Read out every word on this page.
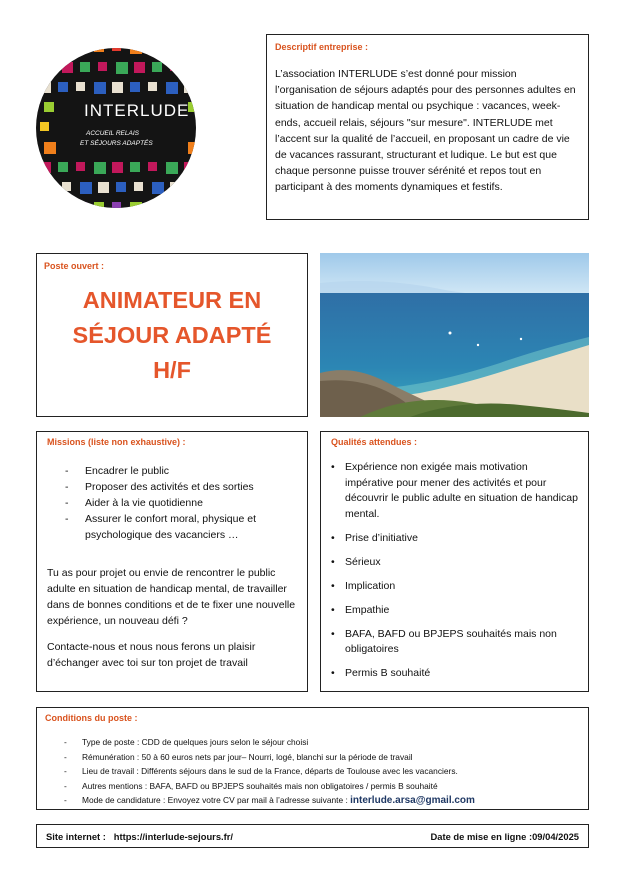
INTERLUDE
ACCUEIL RELAIS
ET SÉJOURS ADAPTÉS
Descriptif entreprise :
L’association INTERLUDE s’est donné pour mission l’organisation de séjours adaptés pour des personnes adultes en situation de handicap mental ou psychique : vacances, week-ends, accueil relais, séjours "sur mesure". INTERLUDE met l’accent sur la qualité de l’accueil, en proposant un cadre de vie de vacances rassurant, structurant et ludique. Le but est que chaque personne puisse trouver sérénité et repos tout en participant à des moments dynamiques et festifs.
Poste ouvert :
ANIMATEUR EN
SÉJOUR ADAPTÉ
H/F
Missions (liste non exhaustive) :
- Encadrer le public
- Proposer des activités et des sorties
- Aider à la vie quotidienne
- Assurer le confort moral, physique et psychologique des vacanciers …

Tu as pour projet ou envie de rencontrer le public adulte en situation de handicap mental, de travailler dans de bonnes conditions et de te fixer une nouvelle expérience, un nouveau défi ?

Contacte-nous et nous nous ferons un plaisir d’échanger avec toi sur ton projet de travail

Qualités attendues :
• Expérience non exigée mais motivation impérative pour mener des activités et pour découvrir le public adulte en situation de handicap mental.
• Prise d’initiative
• Sérieux
• Implication
• Empathie
• BAFA, BAFD ou BPJEPS souhaités mais non obligatoires
• Permis B souhaité
Conditions du poste :
- Type de poste : CDD de quelques jours selon le séjour choisi
- Rémunération : 50 à 60 euros nets par jour– Nourri, logé, blanchi sur la période de travail
- Lieu de travail : Différents séjours dans le sud de la France, départs de Toulouse avec les vacanciers.
- Autres mentions : BAFA, BAFD ou BPJEPS souhaités mais non obligatoires / permis B souhaité
- Mode de candidature : Envoyez votre CV par mail à l’adresse suivante : interlude.arsa@gmail.com
Site internet : https://interlude-sejours.fr/	Date de mise en ligne :09/04/2025
